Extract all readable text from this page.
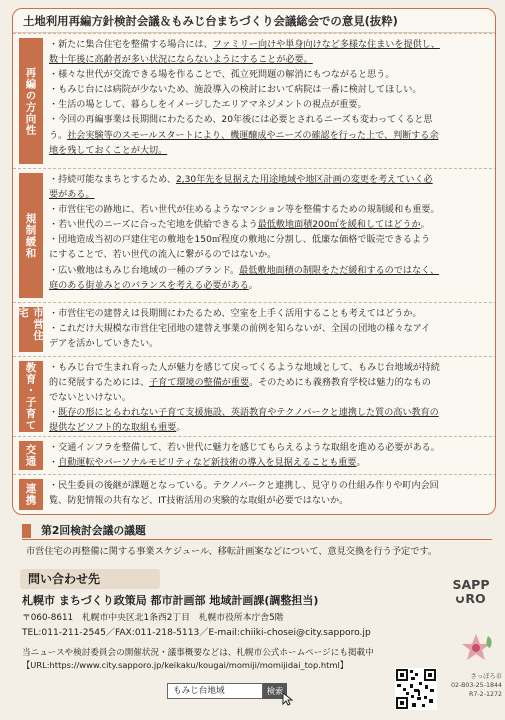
土地利用再編方針検討会議＆もみじ台まちづくり会議総会での意見(抜粋)
再編の方向性
・新たに集合住宅を整備する場合には、ファミリー向けや単身向けなど多様な住まいを提供し、
数十年後に高齢者が多い状況にならないようにすることが必要。
・様々な世代が交流できる場を作ることで、孤立死問題の解消にもつながると思う。
・もみじ台には病院が少ないため、施設導入の検討において病院は一番に検討してほしい。
・生活の場として、暮らしをイメージしたエリアマネジメントの視点が重要。
・今回の再編事業は長期間にわたるため、20年後には必要とされるニーズも変わってくると思
う。社会実験等のスモールスタートにより、機運醸成やニーズの確認を行った上で、判断する余
地を残しておくことが大切。
規制緩和
・持続可能なまちとするため、2,30年先を見据えた用途地域や地区計画の変更を考えていく必
要がある。
・市営住宅の跡地に、若い世代が住めるようなマンション等を整備するための規制緩和も重要。
・若い世代のニーズに合った宅地を供給できるよう最低敷地面積200㎡を緩和してはどうか。
・団地造成当初の戸建住宅の敷地を150㎡程度の敷地に分割し、低廉な価格で販売できるよう
にすることで、若い世代の流入に繋がるのではないか。
・広い敷地はもみじ台地域の一種のブランド。最低敷地面積の制限をただ緩和するのではなく、
庭のある街並みとのバランスを考える必要がある。
市営住宅	・市営住宅の建替えは長期間にわたるため、空室を上手く活用することも考えてはどうか。
・これだけ大規模な市営住宅団地の建替え事業の前例を知らないが、全国の団地の様々なアイ
デアを活かしていきたい。
教育・子育て	・もみじ台で生まれ育った人が魅力を感じて戻ってくるような地域として、もみじ台地域が持続
的に発展するためには、子育て環境の整備が重要。そのためにも義務教育学校は魅力的なもの
でないといけない。
・既存の形にとらわれない子育て支援施設、英語教育やテクノパークと連携した質の高い教育の
提供などソフト的な取組も重要。
交通	・交通インフラを整備して、若い世代に魅力を感じてもらえるような取組を進める必要がある。
・自動運転やパーソナルモビリティなど新技術の導入を見据えることも重要。
連携	・民生委員の後継が課題となっている。テクノパークと連携し、見守りの仕組み作りや町内会回
覧、防犯情報の共有など、IT技術活用の実験的な取組が必要ではないか。
第2回検討会議の議題
市営住宅の再整備に関する事業スケジュール、移転計画案などについて、意見交換を行う予定です。
問い合わせ先
札幌市 まちづくり政策局 都市計画部 地域計画課(調整担当)
〒060-8611　札幌市中央区北1条西2丁目　札幌市役所本庁舎5階
TEL:011-211-2545／FAX:011-218-5113／E-mail:chiiki-chosei@city.sapporo.jp
SAPP
RO
当ニュースや検討委員会の開催状況・議事概要などは、札幌市公式ホームページにも掲載中
【URL:https://www.city.sapporo.jp/keikaku/kougai/momiji/momijidai_top.html】
もみじ台地域	検索
さっぽろ市
02-B03-25-1844
R7-2-1272
